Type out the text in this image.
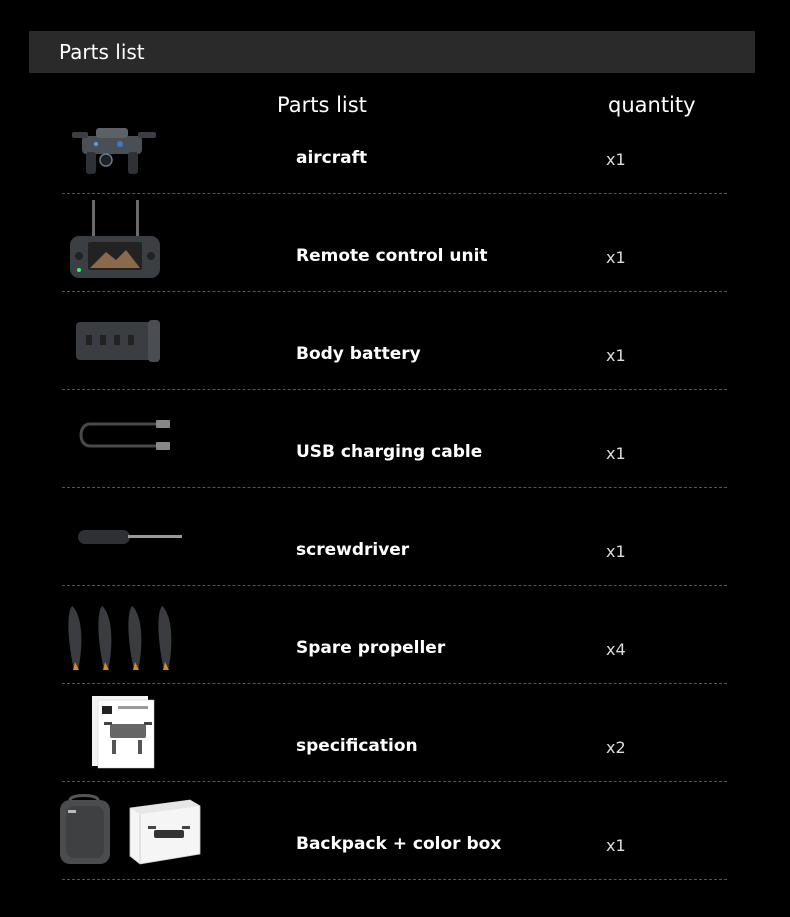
Parts list
Parts list	quantity
aircraft	x1
Remote control unit	x1
Body battery	x1
USB charging cable	x1
screwdriver	x1
Spare propeller	x4
specification	x2
Backpack + color box	x1
